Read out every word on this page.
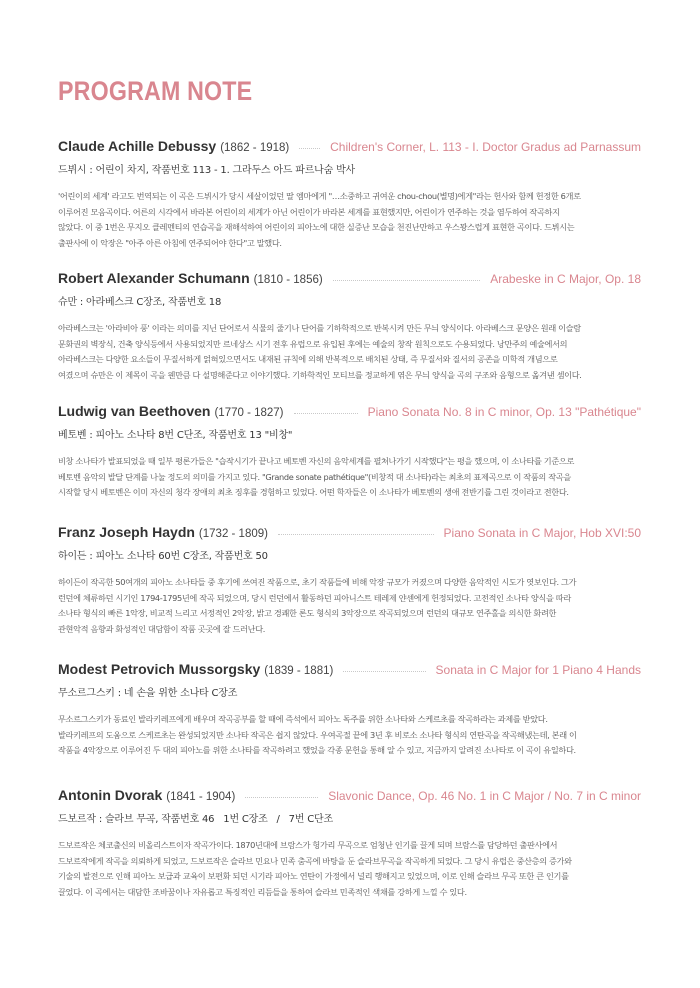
PROGRAM NOTE
Claude Achille Debussy (1862 - 1918)	Children's Corner, L. 113 - I. Doctor Gradus ad Parnassum
드뷔시 : 어린이 차지, 작품번호 113 - 1. 그라두스 아드 파르나숨 박사

'어린이의 세계' 라고도 번역되는 이 곡은 드뷔시가 당시 세살이었던 딸 엠마에게 "…소중하고 귀여운 chou-chou(별명)에게"라는 헌사와 함께 헌정한 6개로

이루어진 모음곡이다. 어른의 시각에서 바라본 어린이의 세계가 아닌 어린이가 바라본 세계를 표현했지만, 어린이가 연주하는 것을 염두하여 작곡하지

않았다. 이 중 1번은 무지오 클레멘티의 연습곡을 재해석하여 어린이의 피아노에 대한 실증난 모습을 천진난만하고 우스꽝스럽게 표현한 곡이다. 드뷔시는

출판사에 이 악장은 "아주 아른 아침에 연주되어야 한다"고 말했다.

Robert Alexander Schumann (1810 - 1856)	Arabeske in C Major, Op. 18
슈만 : 아라베스크 C장조, 작품번호 18

아라베스크는 '아라비아 풍' 이라는 의미를 지닌 단어로서 식물의 줄기나 단어를 기하학적으로 반복시켜 만든 무늬 양식이다. 아라베스크 문양은 원래 이슬람

문화권의 벽장식, 건축 양식등에서 사용되었지만 르네상스 시기 전후 유럽으로 유입된 후에는 예술의 창작 원칙으로도 수용되었다. 낭만주의 예술에서의

아라베스크는 다양한 요소들이 무질서하게 얽혀있으면서도 내재된 규칙에 의해 반복적으로 배치된 상태, 즉 무질서와 질서의 공존을 미학적 개념으로

여겼으며 슈만은 이 제목이 곡을 웬만큼 다 설명해준다고 이야기했다. 기하학적인 모티브를 정교하게 엮은 무늬 양식을 곡의 구조와 음형으로 옮겨낸 셈이다.

Ludwig van Beethoven (1770 - 1827)	Piano Sonata No. 8 in C minor, Op. 13 "Pathétique"
베토벤 : 피아노 소나타 8번 C단조, 작품번호 13 "비창"

비창 소나타가 발표되었을 때 일부 평론가들은 "습작시기가 끝나고 베토벤 자신의 음악세계를 펼쳐나가기 시작했다"는 평을 했으며, 이 소나타를 기준으로

베토벤 음악의 발달 단계를 나눌 정도의 의미를 가지고 있다. "Grande sonate pathétique"(비창적 대 소나타)라는 최초의 표제곡으로 이 작품의 작곡을

시작할 당시 베토벤은 이미 자신의 청각 장애의 최초 징후를 경험하고 있었다. 어떤 학자들은 이 소나타가 베토벤의 생애 전반기를 그린 것이라고 전한다.

Franz Joseph Haydn (1732 - 1809)	Piano Sonata in C Major, Hob XVI:50
하이든 : 피아노 소나타 60번 C장조, 작품번호 50

하이든이 작곡한 50여개의 피아노 소나타들 중 후기에 쓰여진 작품으로, 초기 작품들에 비해 악장 규모가 커졌으며 다양한 음악적인 시도가 엿보인다. 그가

런던에 체류하던 시기인 1794-1795년에 작곡 되었으며, 당시 런던에서 활동하던 피아니스트 테레제 얀센에게 헌정되었다. 고전적인 소나타 양식을 따라

소나타 형식의 빠른 1악장, 비교적 느리고 서정적인 2악장, 밝고 경쾌한 론도 형식의 3악장으로 작곡되었으며 런던의 대규모 연주홀을 의식한 화려한

관현악적 음향과 화성적인 대담함이 작품 곳곳에 잘 드러난다.

Modest Petrovich Mussorgsky (1839 - 1881)	Sonata in C Major for 1 Piano 4 Hands
무소르그스키 : 네 손을 위한 소나타 C장조

무소르그스키가 동료인 발라키레프에게 배우며 작곡공부를 할 때에 즉석에서 피아노 독주를 위한 소나타와 스케르초를 작곡하라는 과제를 받았다.

발라키레프의 도움으로 스케르초는 완성되었지만 소나타 작곡은 쉽지 않았다. 우여곡절 끝에 3년 후 비로소 소나타 형식의 연탄곡을 작곡해냈는데, 본래 이

작품을 4악장으로 이루어진 두 대의 피아노를 위한 소나타를 작곡하려고 했었을 각종 문헌을 통해 알 수 있고, 지금까지 알려진 소나타로 이 곡이 유일하다.

Antonin Dvorak (1841 - 1904)	Slavonic Dance, Op. 46 No. 1 in C Major / No. 7 in C minor
드보르작 : 슬라브 무곡, 작품번호 46   1번 C장조   /   7번 C단조

드보르작은 체코출신의 비올리스트이자 작곡가이다. 1870년대에 브람스가 헝가리 무곡으로 엄청난 인기를 끌게 되며 브람스를 담당하던 출판사에서

드보르작에게 작곡을 의뢰하게 되었고, 드보르작은 슬라브 민요나 민족 춤곡에 바탕을 둔 슬라브무곡을 작곡하게 되었다. 그 당시 유럽은 중산층의 증가와

기술의 발전으로 인해 피아노 보급과 교육이 보편화 되던 시기라 피아노 연탄이 가정에서 널리 행해지고 있었으며, 이로 인해 슬라브 무곡 또한 큰 인기를

끌었다. 이 곡에서는 대담한 조바꿈이나 자유롭고 특징적인 리듬들을 통하여 슬라브 민족적인 색채를 강하게 느낄 수 있다.
